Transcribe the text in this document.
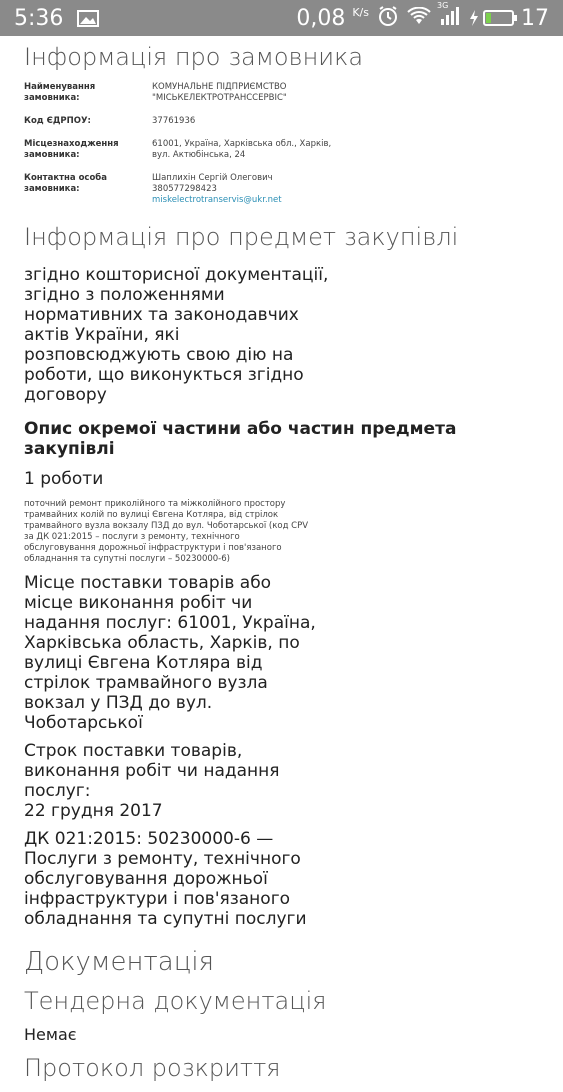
5:36	0,08 $^{K/s}$	3G	17
Інформація про замовника
Найменування замовника:
КОМУНАЛЬНЕ ПІДПРИЄМСТВО "МІСЬКЕЛЕКТРОТРАНССЕРВІС"
Код ЄДРПОУ:	37761936
Місцезнаходження замовника:
61001, Україна, Харківська обл., Харків, вул. Актюбінська, 24
Контактна особа замовника:
Шаплихін Сергій Олегович
380577298423
miskelectrotranservis@ukr.net
Інформація про предмет закупівлі
згідно кошторисної документації, згідно з положеннями нормативних та законодавчих актів України, які розповсюджують свою дію на роботи, що виконукться згідно договору
Опис окремої частини або частин предмета закупівлі
1 роботи
поточний ремонт приколійного та міжколійного простору трамвайних колій по вулиці Євгена Котляра, від стрілок трамвайного вузла вокзалу ПЗД до вул. Чоботарської (код CPV за ДК 021:2015 – послуги з ремонту, технічного обслуговування дорожньої інфраструктури і пов'язаного обладнання та супутні послуги – 50230000-6)
Місце поставки товарів або місце виконання робіт чи надання послуг: 61001, Україна, Харківська область, Харків, по вулиці Євгена Котляра від стрілок трамвайного вузла вокзал у ПЗД до вул. Чоботарської
Строк поставки товарів, виконання робіт чи надання послуг:
22 грудня 2017
ДК 021:2015: 50230000-6 — Послуги з ремонту, технічного обслуговування дорожньої інфраструктури і пов'язаного обладнання та супутні послуги
Документація
Тендерна документація
Немає
Протокол розкриття
